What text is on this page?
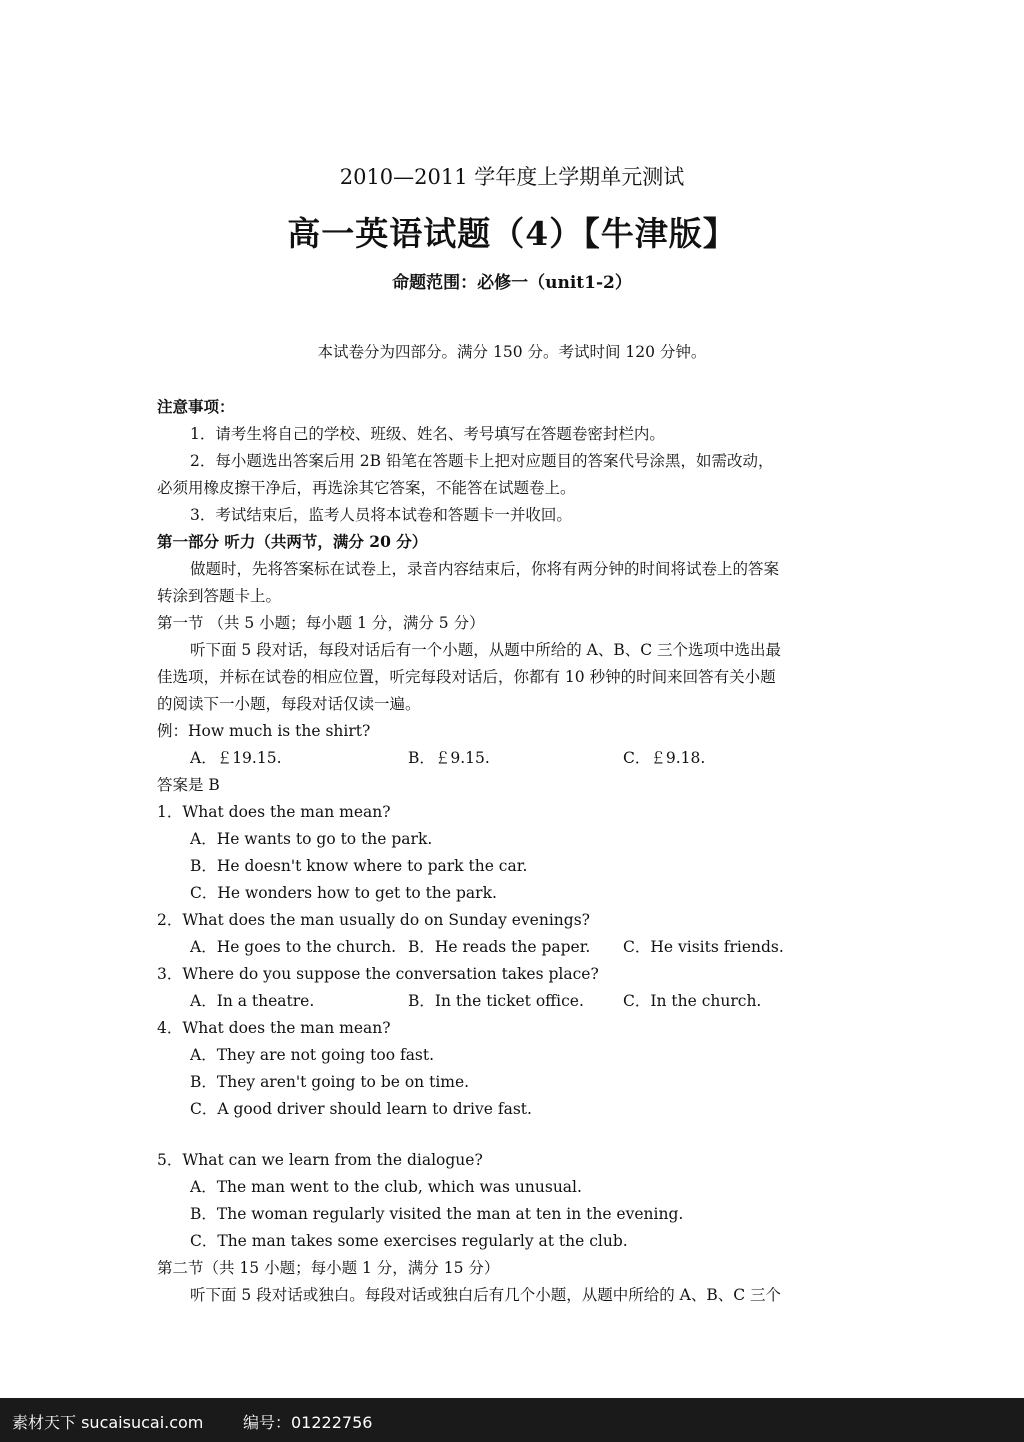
2010—2011 学年度上学期单元测试
高一英语试题（4）【牛津版】
命题范围：必修一（unit1-2）
本试卷分为四部分。满分 150 分。考试时间 120 分钟。
注意事项：
1．请考生将自己的学校、班级、姓名、考号填写在答题卷密封栏内。
2．每小题选出答案后用 2B 铅笔在答题卡上把对应题目的答案代号涂黑，如需改动，
必须用橡皮擦干净后，再选涂其它答案，不能答在试题卷上。
3．考试结束后，监考人员将本试卷和答题卡一并收回。
第一部分 听力（共两节，满分 20 分）
做题时，先将答案标在试卷上，录音内容结束后，你将有两分钟的时间将试卷上的答案
转涂到答题卡上。
第一节 （共 5 小题；每小题 1 分，满分 5 分）
听下面 5 段对话，每段对话后有一个小题，从题中所给的 A、B、C 三个选项中选出最
佳选项，并标在试卷的相应位置，听完每段对话后，你都有 10 秒钟的时间来回答有关小题
的阅读下一小题，每段对话仅读一遍。
例：How much is the shirt?
A．￡19.15.	B．￡9.15.	C．￡9.18.
答案是 B
1．What does the man mean?
A．He wants to go to the park.
B．He doesn't know where to park the car.
C．He wonders how to get to the park.
2．What does the man usually do on Sunday evenings?
A．He goes to the church. B．He reads the paper. C．He visits friends.
3．Where do you suppose the conversation takes place?
A．In a theatre.	B．In the ticket office.	C．In the church.
4．What does the man mean?
A．They are not going too fast.
B．They aren't going to be on time.
C．A good driver should learn to drive fast.
5．What can we learn from the dialogue?
A．The man went to the club, which was unusual.
B．The woman regularly visited the man at ten in the evening.
C．The man takes some exercises regularly at the club.
第二节（共 15 小题；每小题 1 分，满分 15 分）
听下面 5 段对话或独白。每段对话或独白后有几个小题，从题中所给的 A、B、C 三个
素材天下 sucaisucai.com 编号：01222756
